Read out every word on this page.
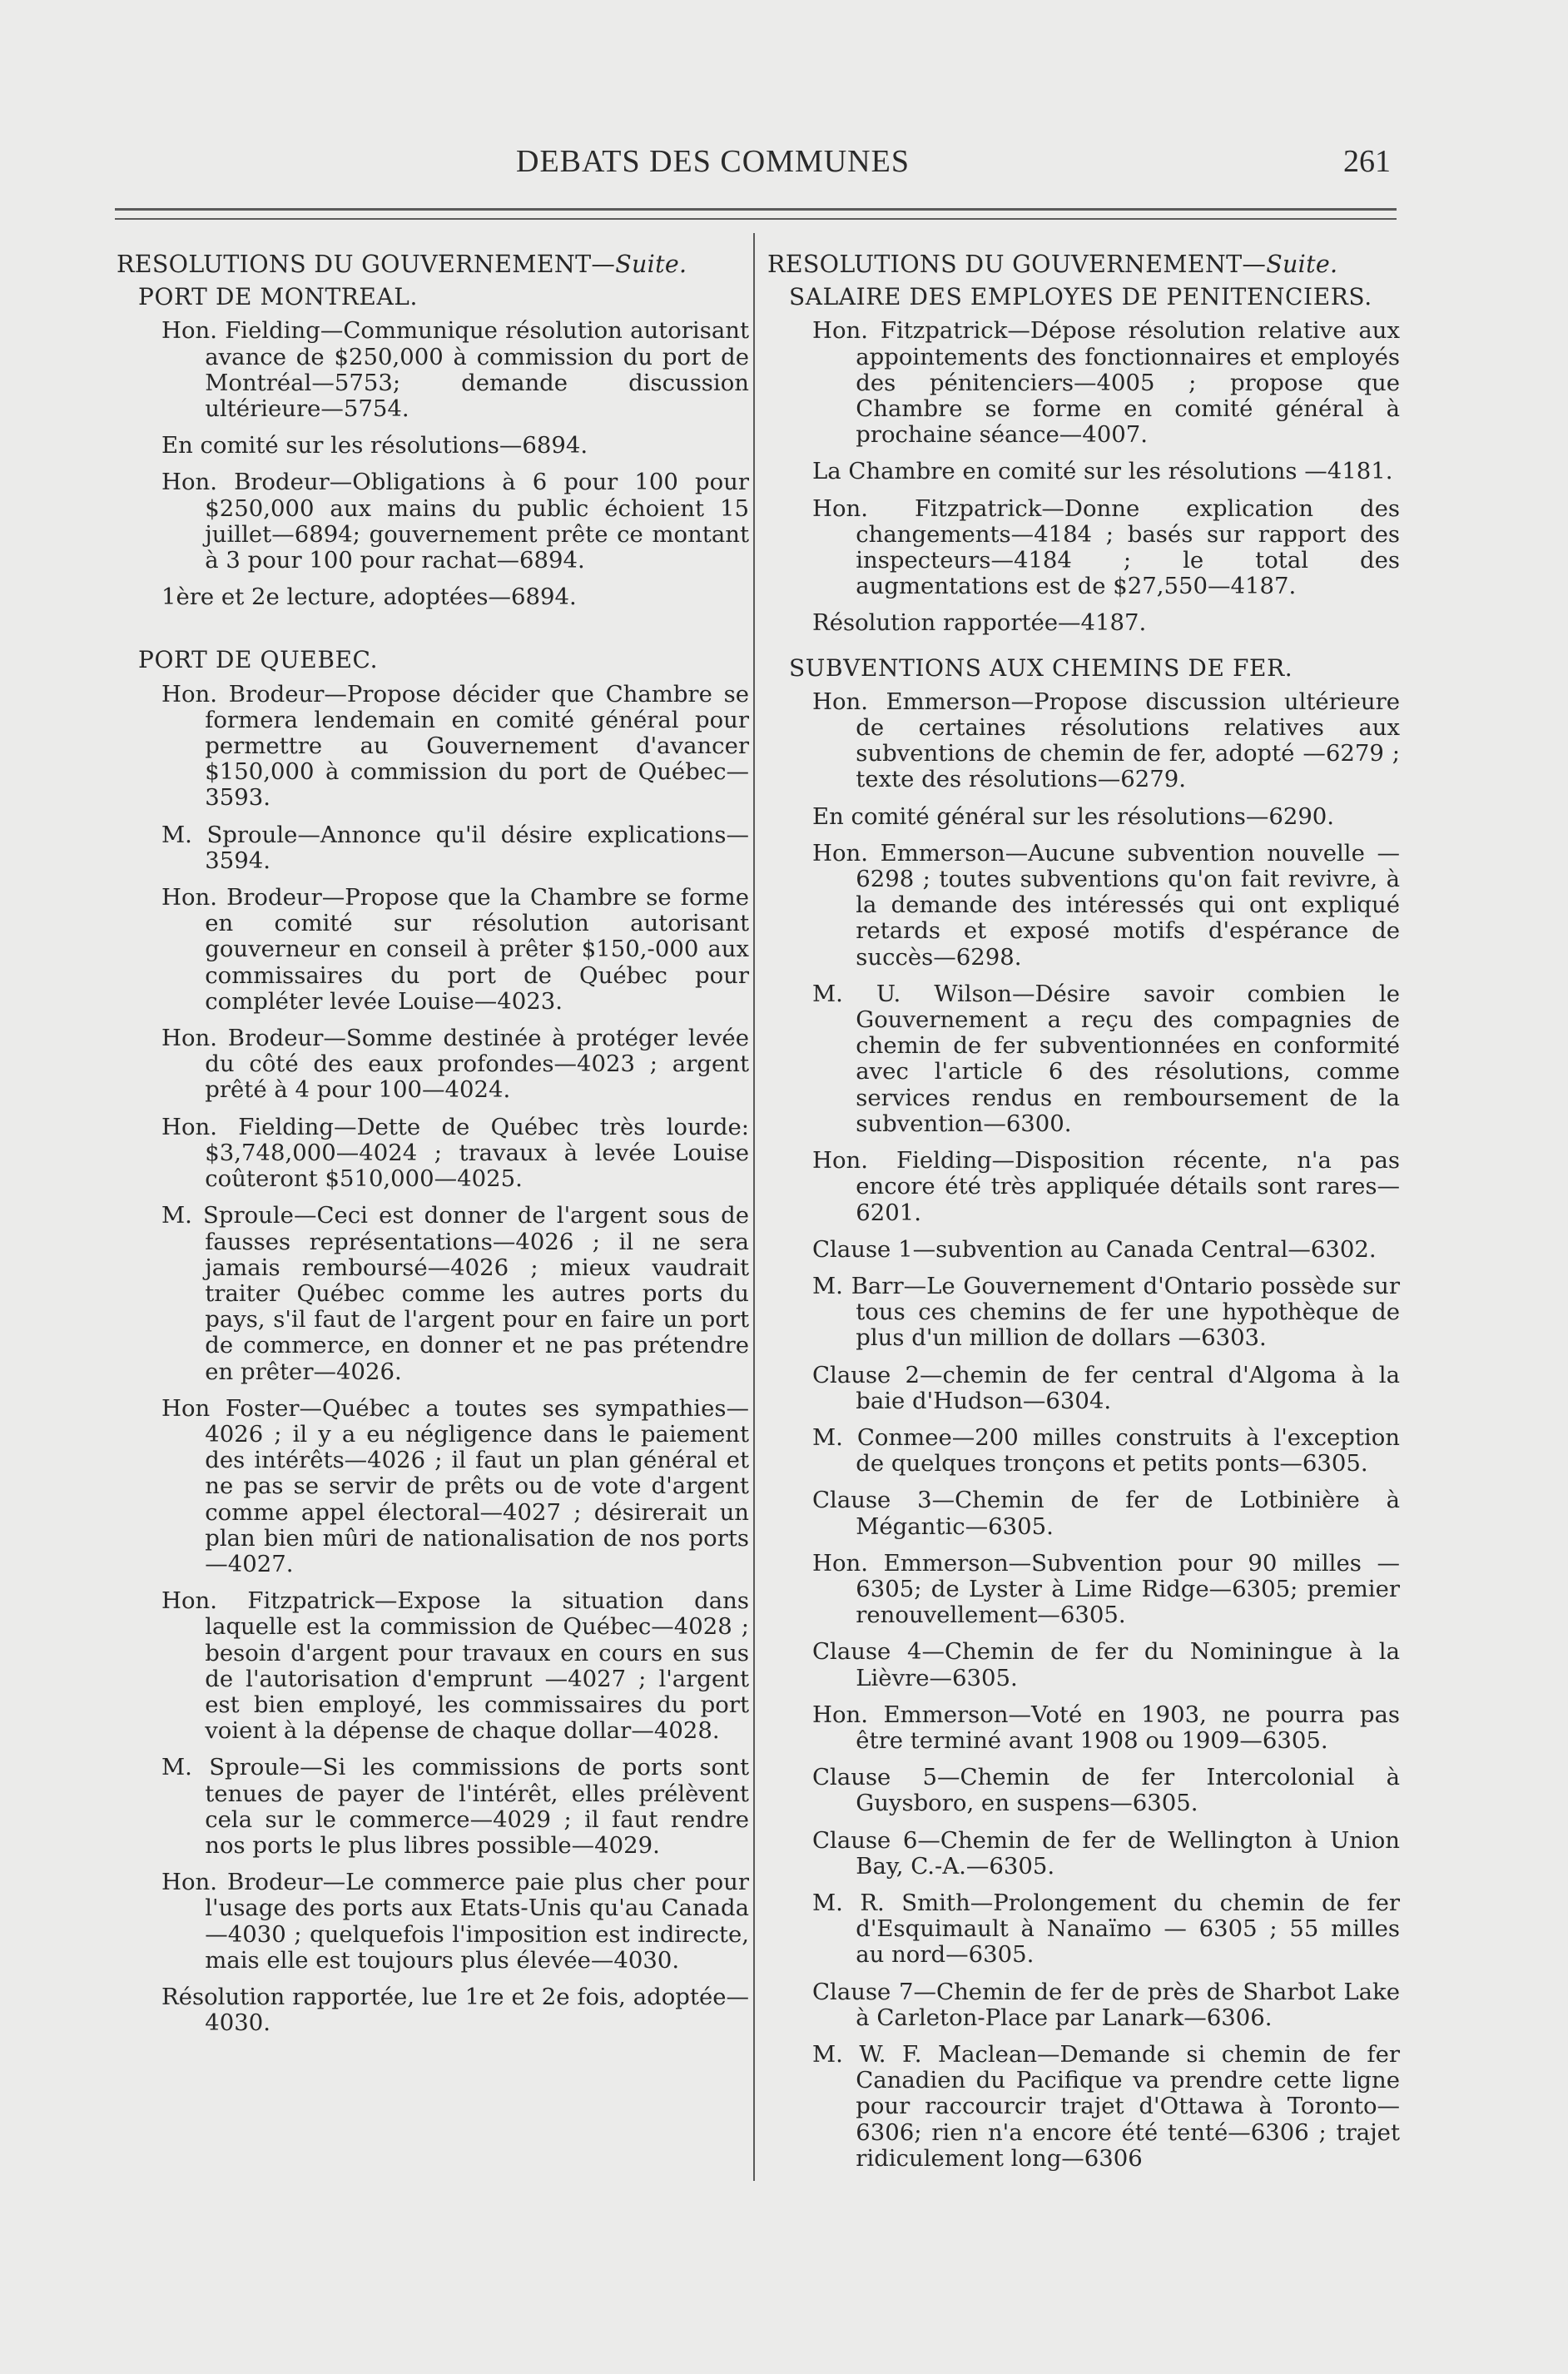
DEBATS DES COMMUNES	261
RESOLUTIONS DU GOUVERNEMENT—Suite.
PORT DE MONTREAL.

Hon. Fielding—Communique résolution autorisant avance de $250,000 à commission du port de Montréal—5753; demande discussion ultérieure—5754.

En comité sur les résolutions—6894.

Hon. Brodeur—Obligations à 6 pour 100 pour $250,000 aux mains du public échoient 15 juillet—6894; gouvernement prête ce montant à 3 pour 100 pour rachat—6894.

1ère et 2e lecture, adoptées—6894.

PORT DE QUEBEC.

Hon. Brodeur—Propose décider que Chambre se formera lendemain en comité général pour permettre au Gouvernement d'avancer $150,000 à commission du port de Québec—3593.

M. Sproule—Annonce qu'il désire explications—3594.

Hon. Brodeur—Propose que la Chambre se forme en comité sur résolution autorisant gouverneur en conseil à prêter $150,-000 aux commissaires du port de Québec pour compléter levée Louise—4023.

Hon. Brodeur—Somme destinée à protéger levée du côté des eaux profondes—4023 ; argent prêté à 4 pour 100—4024.

Hon. Fielding—Dette de Québec très lourde: $3,748,000—4024 ; travaux à levée Louise coûteront $510,000—4025.

M. Sproule—Ceci est donner de l'argent sous de fausses représentations—4026 ; il ne sera jamais remboursé—4026 ; mieux vaudrait traiter Québec comme les autres ports du pays, s'il faut de l'argent pour en faire un port de commerce, en donner et ne pas prétendre en prêter—4026.

Hon Foster—Québec a toutes ses sympathies—4026 ; il y a eu négligence dans le paiement des intérêts—4026 ; il faut un plan général et ne pas se servir de prêts ou de vote d'argent comme appel électoral—4027 ; désirerait un plan bien mûri de nationalisation de nos ports—4027.

Hon. Fitzpatrick—Expose la situation dans laquelle est la commission de Québec—4028 ; besoin d'argent pour travaux en cours en sus de l'autorisation d'emprunt —4027 ; l'argent est bien employé, les commissaires du port voient à la dépense de chaque dollar—4028.

M. Sproule—Si les commissions de ports sont tenues de payer de l'intérêt, elles prélèvent cela sur le commerce—4029 ; il faut rendre nos ports le plus libres possible—4029.

Hon. Brodeur—Le commerce paie plus cher pour l'usage des ports aux Etats-Unis qu'au Canada—4030 ; quelquefois l'imposition est indirecte, mais elle est toujours plus élevée—4030.

Résolution rapportée, lue 1re et 2e fois, adoptée—4030.

RESOLUTIONS DU GOUVERNEMENT—Suite.
SALAIRE DES EMPLOYES DE PENITENCIERS.

Hon. Fitzpatrick—Dépose résolution relative aux appointements des fonctionnaires et employés des pénitenciers—4005 ; propose que Chambre se forme en comité général à prochaine séance—4007.

La Chambre en comité sur les résolutions —4181.

Hon. Fitzpatrick—Donne explication des changements—4184 ; basés sur rapport des inspecteurs—4184 ; le total des augmentations est de $27,550—4187.

Résolution rapportée—4187.

SUBVENTIONS AUX CHEMINS DE FER.

Hon. Emmerson—Propose discussion ultérieure de certaines résolutions relatives aux subventions de chemin de fer, adopté —6279 ; texte des résolutions—6279.

En comité général sur les résolutions—6290.

Hon. Emmerson—Aucune subvention nouvelle — 6298 ; toutes subventions qu'on fait revivre, à la demande des intéressés qui ont expliqué retards et exposé motifs d'espérance de succès—6298.

M. U. Wilson—Désire savoir combien le Gouvernement a reçu des compagnies de chemin de fer subventionnées en conformité avec l'article 6 des résolutions, comme services rendus en remboursement de la subvention—6300.

Hon. Fielding—Disposition récente, n'a pas encore été très appliquée détails sont rares—6201.

Clause 1—subvention au Canada Central—6302.

M. Barr—Le Gouvernement d'Ontario possède sur tous ces chemins de fer une hypothèque de plus d'un million de dollars —6303.

Clause 2—chemin de fer central d'Algoma à la baie d'Hudson—6304.

M. Conmee—200 milles construits à l'exception de quelques tronçons et petits ponts—6305.

Clause 3—Chemin de fer de Lotbinière à Mégantic—6305.

Hon. Emmerson—Subvention pour 90 milles —6305; de Lyster à Lime Ridge—6305; premier renouvellement—6305.

Clause 4—Chemin de fer du Nominingue à la Lièvre—6305.

Hon. Emmerson—Voté en 1903, ne pourra pas être terminé avant 1908 ou 1909—6305.

Clause 5—Chemin de fer Intercolonial à Guysboro, en suspens—6305.

Clause 6—Chemin de fer de Wellington à Union Bay, C.-A.—6305.

M. R. Smith—Prolongement du chemin de fer d'Esquimault à Nanaïmo — 6305 ; 55 milles au nord—6305.

Clause 7—Chemin de fer de près de Sharbot Lake à Carleton-Place par Lanark—6306.

M. W. F. Maclean—Demande si chemin de fer Canadien du Pacifique va prendre cette ligne pour raccourcir trajet d'Ottawa à Toronto—6306; rien n'a encore été tenté—6306 ; trajet ridiculement long—6306
